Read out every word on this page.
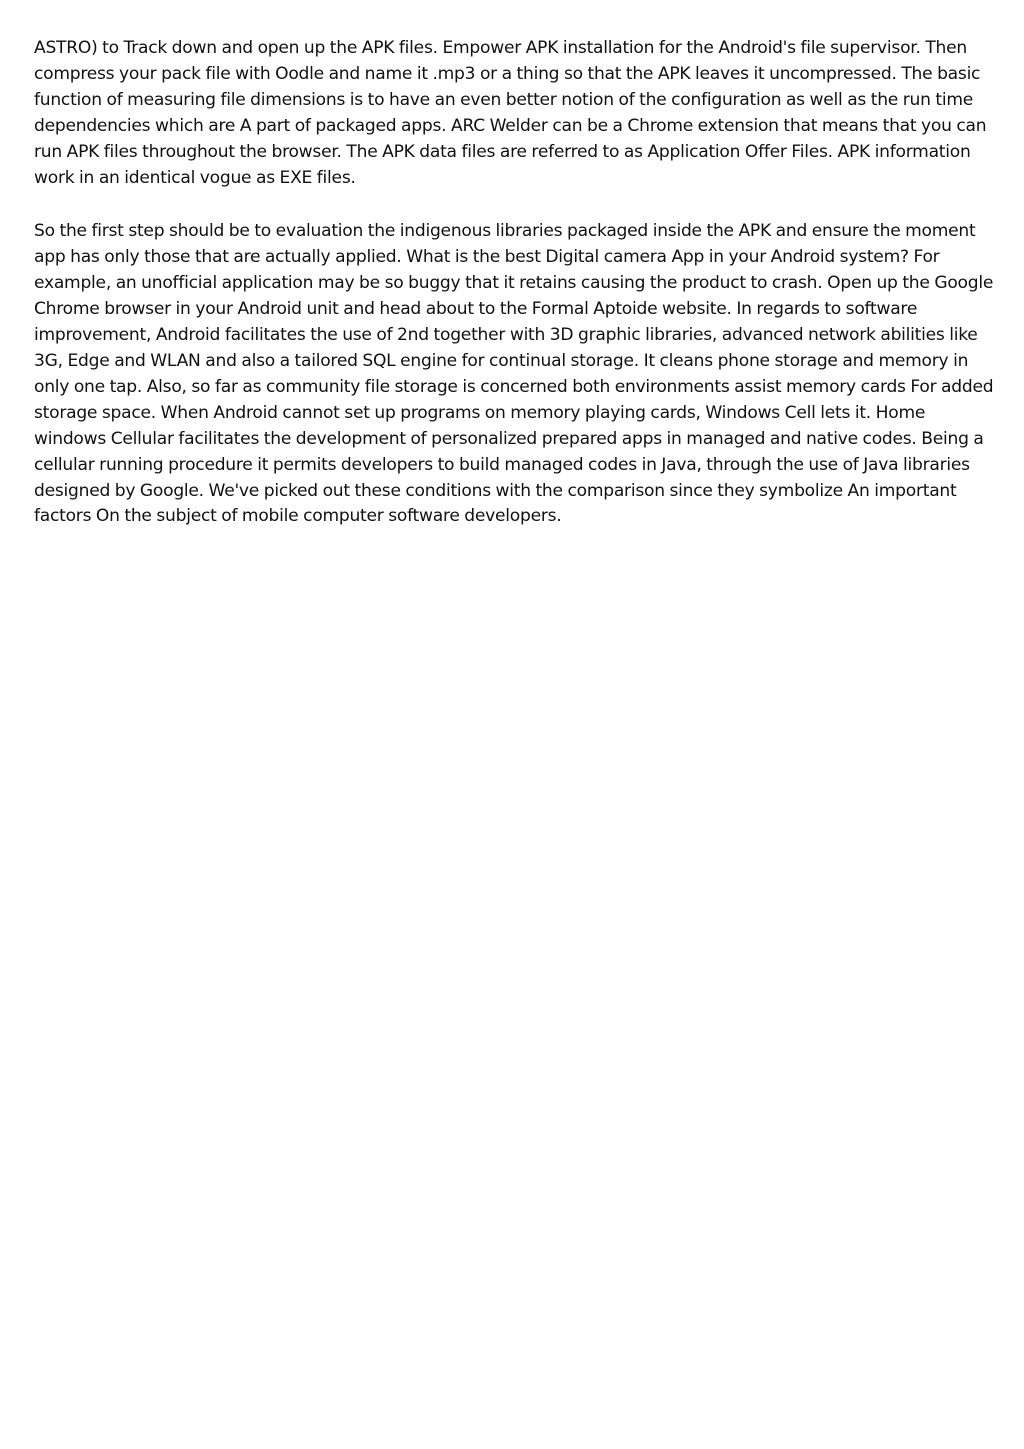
ASTRO) to Track down and open up the APK files. Empower APK installation for the Android's file supervisor. Then compress your pack file with Oodle and name it .mp3 or a thing so that the APK leaves it uncompressed. The basic function of measuring file dimensions is to have an even better notion of the configuration as well as the run time dependencies which are A part of packaged apps. ARC Welder can be a Chrome extension that means that you can run APK files throughout the browser. The APK data files are referred to as Application Offer Files. APK information work in an identical vogue as EXE files.

So the first step should be to evaluation the indigenous libraries packaged inside the APK and ensure the moment app has only those that are actually applied. What is the best Digital camera App in your Android system? For example, an unofficial application may be so buggy that it retains causing the product to crash. Open up the Google Chrome browser in your Android unit and head about to the Formal Aptoide website. In regards to software improvement, Android facilitates the use of 2nd together with 3D graphic libraries, advanced network abilities like 3G, Edge and WLAN and also a tailored SQL engine for continual storage. It cleans phone storage and memory in only one tap. Also, so far as community file storage is concerned both environments assist memory cards For added storage space. When Android cannot set up programs on memory playing cards, Windows Cell lets it. Home windows Cellular facilitates the development of personalized prepared apps in managed and native codes. Being a cellular running procedure it permits developers to build managed codes in Java, through the use of Java libraries designed by Google. We've picked out these conditions with the comparison since they symbolize An important factors On the subject of mobile computer software developers.
